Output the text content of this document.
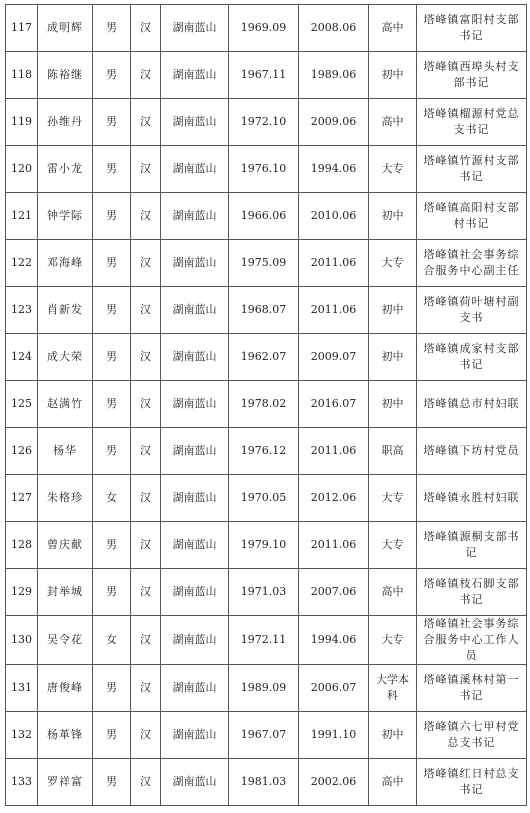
117	成明辉	男	汉	湖南蓝山	1969.09	2008.06	高中	塔峰镇富阳村支部书记
118	陈裕继	男	汉	湖南蓝山	1967.11	1989.06	初中	塔峰镇西埠头村支部书记
119	孙维丹	男	汉	湖南蓝山	1972.10	2009.06	高中	塔峰镇榴源村党总支书记
120	雷小龙	男	汉	湖南蓝山	1976.10	1994.06	大专	塔峰镇竹源村支部书记
121	钟学际	男	汉	湖南蓝山	1966.06	2010.06	初中	塔峰镇高阳村支部村书记
122	邓海峰	男	汉	湖南蓝山	1975.09	2011.06	大专	塔峰镇社会事务综合服务中心副主任
123	肖新发	男	汉	湖南蓝山	1968.07	2011.06	初中	塔峰镇荷叶塘村副支书
124	成大荣	男	汉	湖南蓝山	1962.07	2009.07	初中	塔峰镇成家村支部书记
125	赵满竹	男	汉	湖南蓝山	1978.02	2016.07	初中	塔峰镇总市村妇联
126	杨华	男	汉	湖南蓝山	1976.12	2011.06	职高	塔峰镇下坊村党员
127	朱格珍	女	汉	湖南蓝山	1970.05	2012.06	大专	塔峰镇永胜村妇联
128	曾庆献	男	汉	湖南蓝山	1979.10	2011.06	大专	塔峰镇源桐支部书记
129	封举城	男	汉	湖南蓝山	1971.03	2007.06	高中	塔峰镇枝石脚支部书记
130	吴令花	女	汉	湖南蓝山	1972.11	1994.06	大专	塔峰镇社会事务综合服务中心工作人员
131	唐俊峰	男	汉	湖南蓝山	1989.09	2006.07	大学本科	塔峰镇溪林村第一书记
132	杨革锋	男	汉	湖南蓝山	1967.07	1991.10	初中	塔峰镇六七甲村党总支书记
133	罗祥富	男	汉	湖南蓝山	1981.03	2002.06	高中	塔峰镇红日村总支书记
